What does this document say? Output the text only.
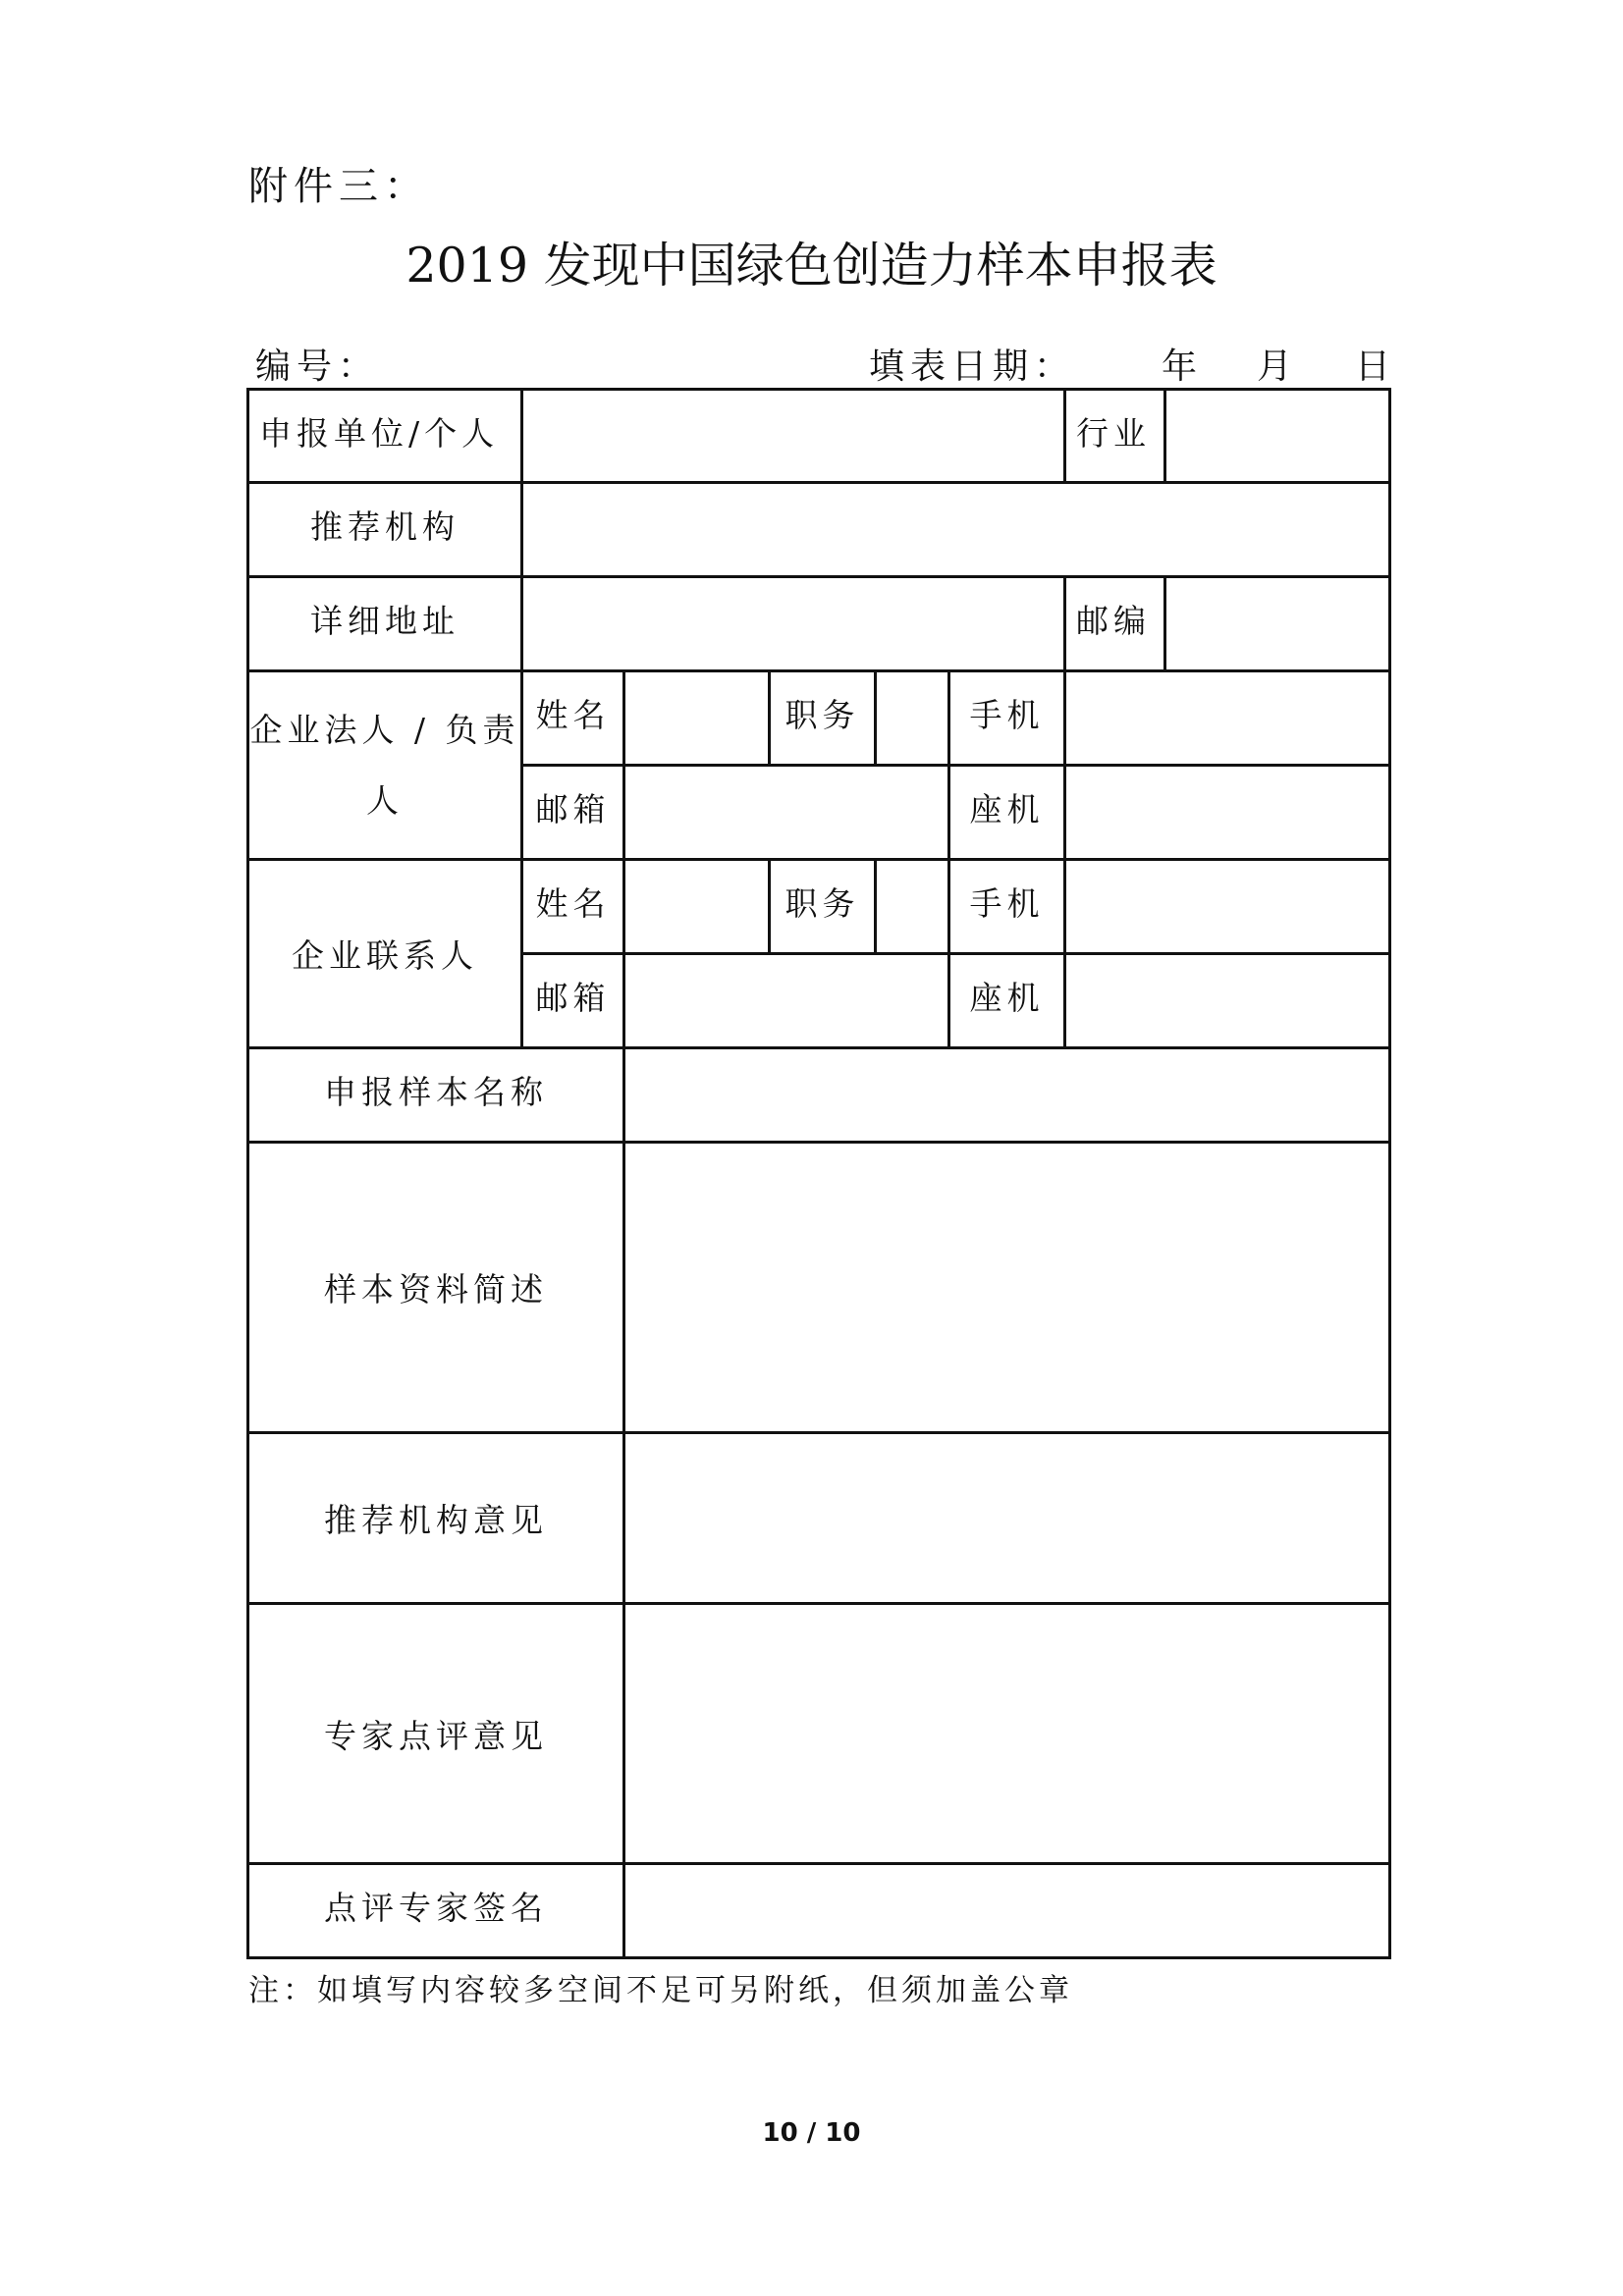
附件三：
2019 发现中国绿色创造力样本申报表
编号：	填表日期： 年 月 日
申报单位/个人						行业	
推荐机构							
详细地址						邮编	
企业法人 / 负责人	姓名		职务		手机		
	邮箱				座机		
企业联系人	姓名		职务		手机		
	邮箱				座机		
申报样本名称							
样本资料简述							
推荐机构意见							
专家点评意见							
点评专家签名							
注：如填写内容较多空间不足可另附纸，但须加盖公章
10 / 10
